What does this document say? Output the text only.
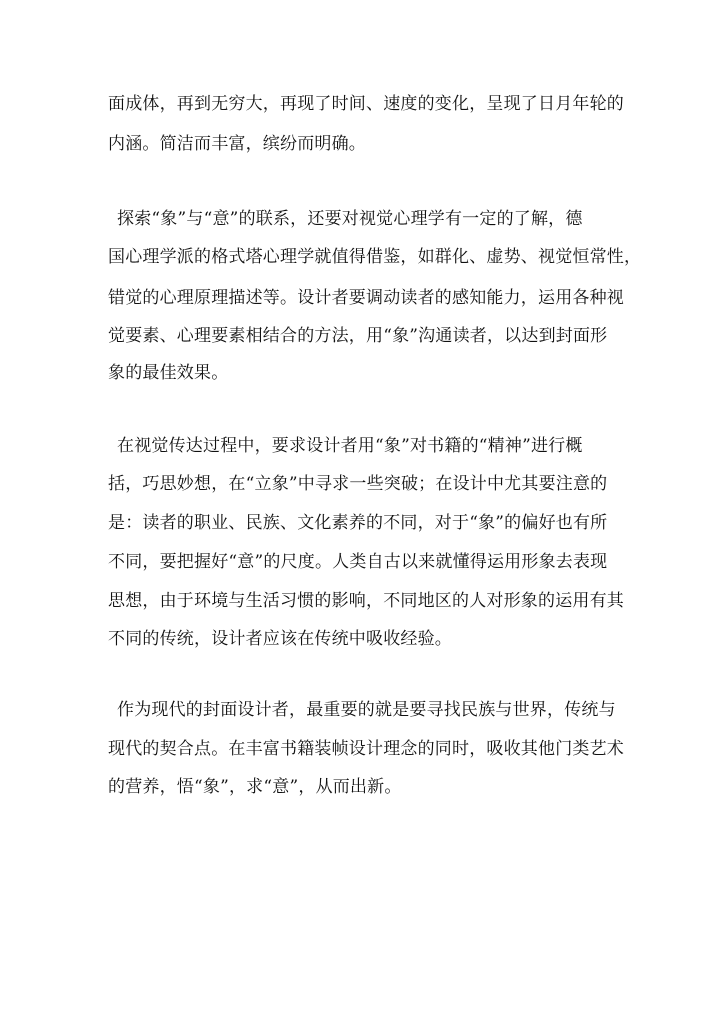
面成体，再到无穷大，再现了时间、速度的变化，呈现了日月年轮的
内涵。简洁而丰富，缤纷而明确。
探索“象”与“意”的联系，还要对视觉心理学有一定的了解，德
国心理学派的格式塔心理学就值得借鉴，如群化、虚势、视觉恒常性，
错觉的心理原理描述等。设计者要调动读者的感知能力，运用各种视
觉要素、心理要素相结合的方法，用“象”沟通读者，以达到封面形
象的最佳效果。
在视觉传达过程中，要求设计者用“象”对书籍的“精神”进行概
括，巧思妙想，在“立象”中寻求一些突破；在设计中尤其要注意的
是：读者的职业、民族、文化素养的不同，对于“象”的偏好也有所
不同，要把握好“意”的尺度。人类自古以来就懂得运用形象去表现
思想，由于环境与生活习惯的影响，不同地区的人对形象的运用有其
不同的传统，设计者应该在传统中吸收经验。
作为现代的封面设计者，最重要的就是要寻找民族与世界，传统与
现代的契合点。在丰富书籍装帧设计理念的同时，吸收其他门类艺术
的营养，悟“象”，求“意”，从而出新。
